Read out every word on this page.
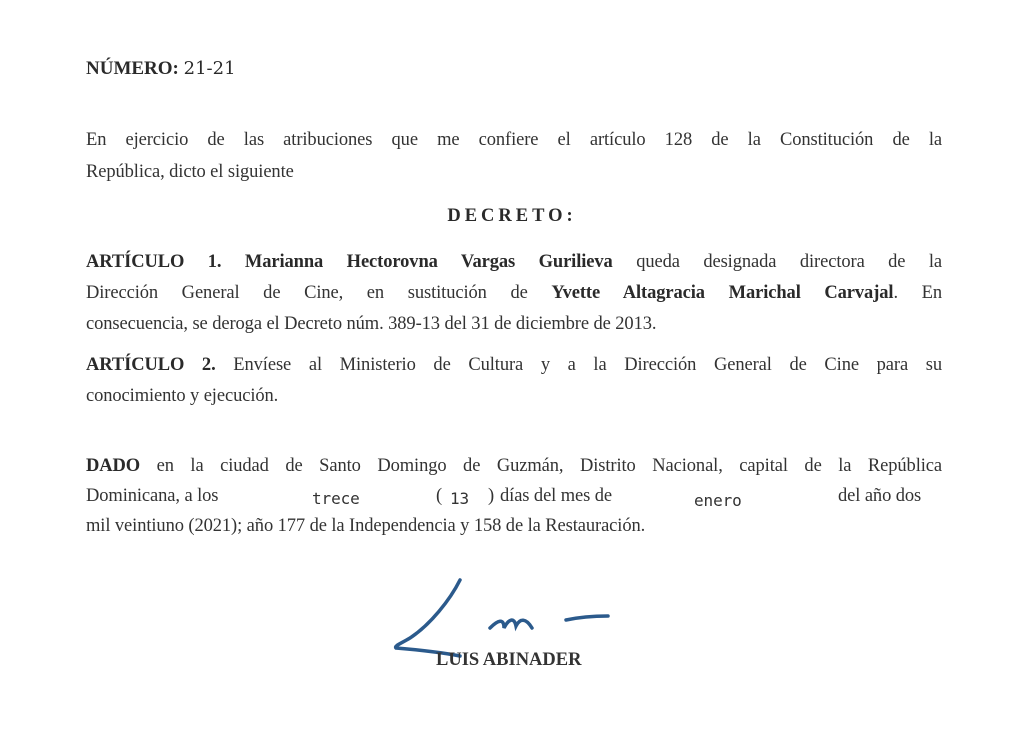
NÚMERO: 21-21
En ejercicio de las atribuciones que me confiere el artículo 128 de la Constitución de la
República, dicto el siguiente
DECRETO:
ARTÍCULO 1. Marianna Hectorovna Vargas Gurilieva queda designada directora de la
Dirección General de Cine, en sustitución de Yvette Altagracia Marichal Carvajal. En
consecuencia, se deroga el Decreto núm. 389-13 del 31 de diciembre de 2013.
ARTÍCULO 2. Envíese al Ministerio de Cultura y a la Dirección General de Cine para su
conocimiento y ejecución.
DADO en la ciudad de Santo Domingo de Guzmán, Distrito Nacional, capital de la República
Dominicana, a los	trece	( 13 ) días del mes de	enero	del año dos
mil veintiuno (2021); año 177 de la Independencia y 158 de la Restauración.
LUIS ABINADER
